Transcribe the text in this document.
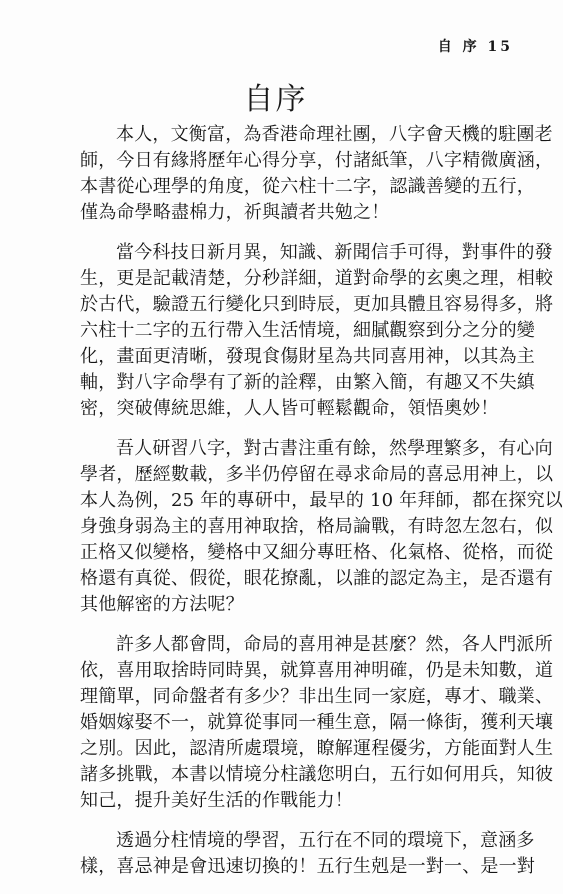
自 序 15
自序

本人，文衡富，為香港命理社團，八字會天機的駐團老
師，今日有緣將歷年心得分享，付諸紙筆，八字精微廣涵，
本書從心理學的角度，從六柱十二字，認識善變的五行，
僅為命學略盡棉力，祈與讀者共勉之！

當今科技日新月異，知識、新聞信手可得，對事件的發
生，更是記載清楚，分秒詳細，道對命學的玄奧之理，相較
於古代，驗證五行變化只到時辰，更加具體且容易得多，將
六柱十二字的五行帶入生活情境，細膩觀察到分之分的變
化，畫面更清晰，發現食傷財星為共同喜用神，以其為主
軸，對八字命學有了新的詮釋，由繁入簡，有趣又不失縝
密，突破傳統思維，人人皆可輕鬆觀命，領悟奧妙！

吾人研習八字，對古書注重有餘，然學理繁多，有心向
學者，歷經數載，多半仍停留在尋求命局的喜忌用神上，以
本人為例，25 年的專研中，最早的 10 年拜師，都在探究以
身強身弱為主的喜用神取捨，格局論戰，有時忽左忽右，似
正格又似變格，變格中又細分專旺格、化氣格、從格，而從
格還有真從、假從，眼花撩亂，以誰的認定為主，是否還有
其他解密的方法呢？

許多人都會問，命局的喜用神是甚麼？然，各人門派所
依，喜用取捨時同時異，就算喜用神明確，仍是未知數，道
理簡單，同命盤者有多少？非出生同一家庭，專才、職業、
婚姻嫁娶不一，就算從事同一種生意，隔一條街，獲利天壤
之別。因此，認清所處環境，瞭解運程優劣，方能面對人生
諸多挑戰，本書以情境分柱議您明白，五行如何用兵，知彼
知己，提升美好生活的作戰能力！

透過分柱情境的學習，五行在不同的環境下，意涵多
樣，喜忌神是會迅速切換的！五行生剋是一對一、是一對
